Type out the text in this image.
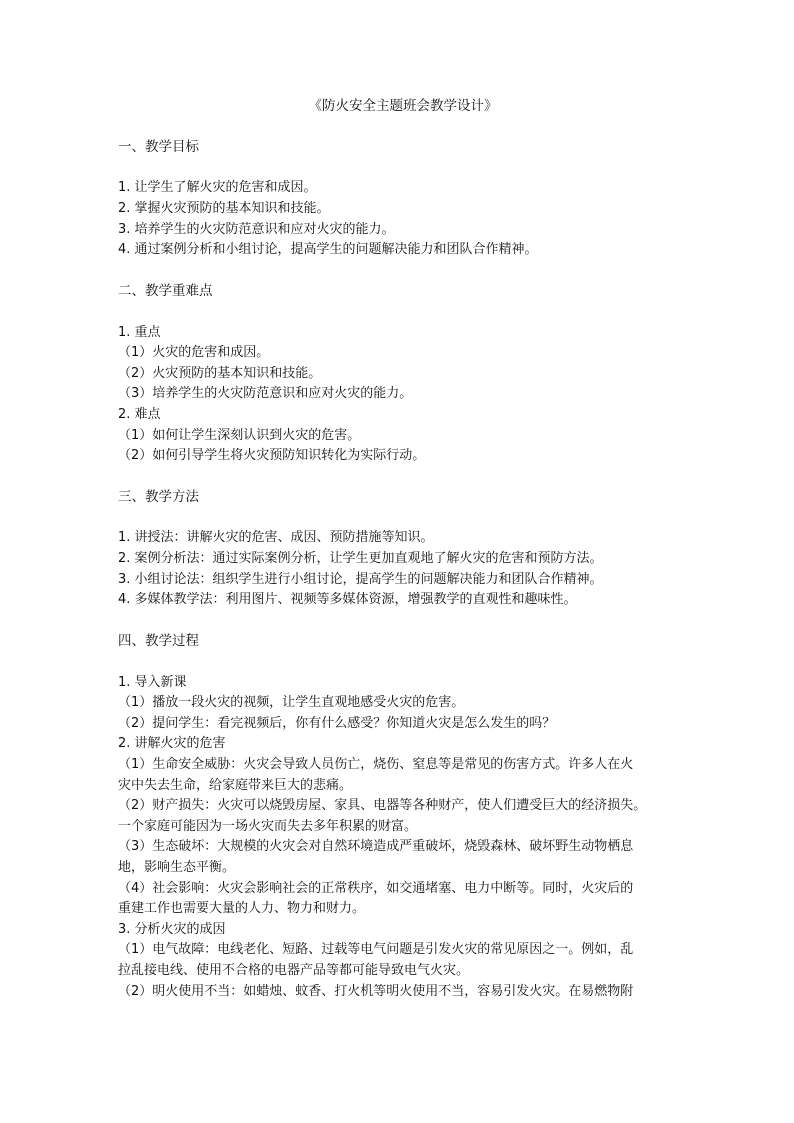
《防火安全主题班会教学设计》
一、教学目标
1. 让学生了解火灾的危害和成因。
2. 掌握火灾预防的基本知识和技能。
3. 培养学生的火灾防范意识和应对火灾的能力。
4. 通过案例分析和小组讨论，提高学生的问题解决能力和团队合作精神。
二、教学重难点
1. 重点
（1）火灾的危害和成因。
（2）火灾预防的基本知识和技能。
（3）培养学生的火灾防范意识和应对火灾的能力。
2. 难点
（1）如何让学生深刻认识到火灾的危害。
（2）如何引导学生将火灾预防知识转化为实际行动。
三、教学方法
1. 讲授法：讲解火灾的危害、成因、预防措施等知识。
2. 案例分析法：通过实际案例分析，让学生更加直观地了解火灾的危害和预防方法。
3. 小组讨论法：组织学生进行小组讨论，提高学生的问题解决能力和团队合作精神。
4. 多媒体教学法：利用图片、视频等多媒体资源，增强教学的直观性和趣味性。
四、教学过程
1. 导入新课
（1）播放一段火灾的视频，让学生直观地感受火灾的危害。
（2）提问学生：看完视频后，你有什么感受？你知道火灾是怎么发生的吗？
2. 讲解火灾的危害
（1）生命安全威胁：火灾会导致人员伤亡，烧伤、窒息等是常见的伤害方式。许多人在火
灾中失去生命，给家庭带来巨大的悲痛。
（2）财产损失：火灾可以烧毁房屋、家具、电器等各种财产，使人们遭受巨大的经济损失。
一个家庭可能因为一场火灾而失去多年积累的财富。
（3）生态破坏：大规模的火灾会对自然环境造成严重破坏，烧毁森林、破坏野生动物栖息
地，影响生态平衡。
（4）社会影响：火灾会影响社会的正常秩序，如交通堵塞、电力中断等。同时，火灾后的
重建工作也需要大量的人力、物力和财力。
3. 分析火灾的成因
（1）电气故障：电线老化、短路、过载等电气问题是引发火灾的常见原因之一。例如，乱
拉乱接电线、使用不合格的电器产品等都可能导致电气火灾。
（2）明火使用不当：如蜡烛、蚊香、打火机等明火使用不当，容易引发火灾。在易燃物附
